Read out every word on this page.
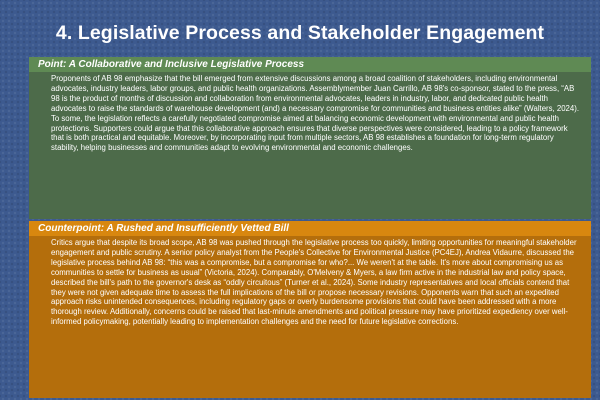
4. Legislative Process and Stakeholder Engagement
Point: A Collaborative and Inclusive Legislative Process

Proponents of AB 98 emphasize that the bill emerged from extensive discussions among a broad coalition of stakeholders, including environmental advocates, industry leaders, labor groups, and public health organizations. Assemblymember Juan Carrillo, AB 98's co-sponsor, stated to the press, “AB 98 is the product of months of discussion and collaboration from environmental advocates, leaders in industry, labor, and dedicated public health advocates to raise the standards of warehouse development (and) a necessary compromise for communities and business entities alike” (Walters, 2024). To some, the legislation reflects a carefully negotiated compromise aimed at balancing economic development with environmental and public health protections. Supporters could argue that this collaborative approach ensures that diverse perspectives were considered, leading to a policy framework that is both practical and equitable. Moreover, by incorporating input from multiple sectors, AB 98 establishes a foundation for long-term regulatory stability, helping businesses and communities adapt to evolving environmental and economic challenges.

Counterpoint: A Rushed and Insufficiently Vetted Bill

Critics argue that despite its broad scope, AB 98 was pushed through the legislative process too quickly, limiting opportunities for meaningful stakeholder engagement and public scrutiny. A senior policy analyst from the People's Collective for Environmental Justice (PC4EJ), Andrea Vidaurre, discussed the legislative process behind AB 98: “this was a compromise, but a compromise for who?... We weren't at the table. It's more about compromising us as communities to settle for business as usual” (Victoria, 2024). Comparably, O'Melveny & Myers, a law firm active in the industrial law and policy space, described the bill's path to the governor's desk as “oddly circuitous” (Turner et al., 2024). Some industry representatives and local officials contend that they were not given adequate time to assess the full implications of the bill or propose necessary revisions. Opponents warn that such an expedited approach risks unintended consequences, including regulatory gaps or overly burdensome provisions that could have been addressed with a more thorough review. Additionally, concerns could be raised that last-minute amendments and political pressure may have prioritized expediency over well-informed policymaking, potentially leading to implementation challenges and the need for future legislative corrections.
